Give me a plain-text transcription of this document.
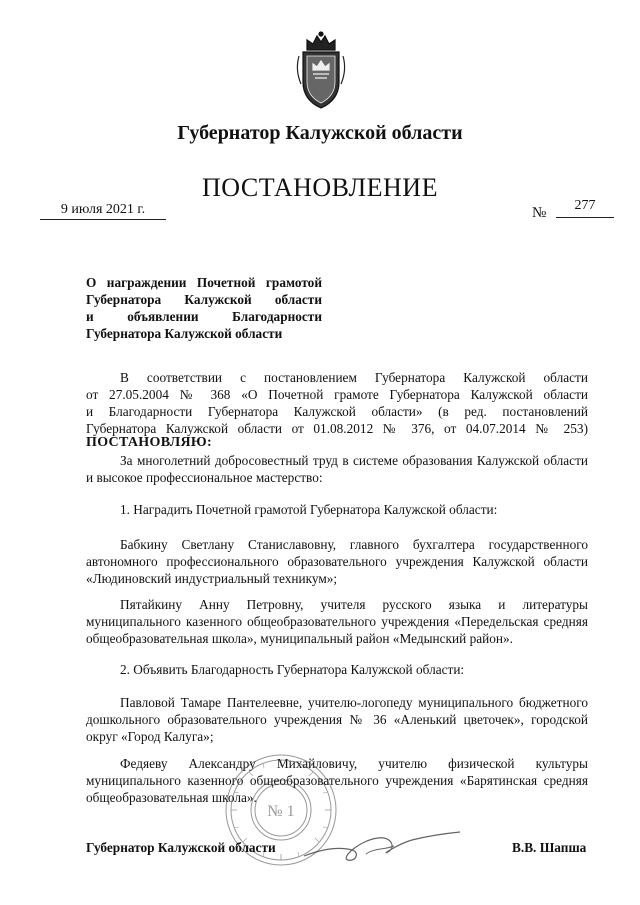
Губернатор Калужской области
ПОСТАНОВЛЕНИЕ
9 июля 2021 г.	№	277
О награждении Почетной грамотой
Губернатора Калужской области
и объявлении Благодарности
Губернатора Калужской области
В соответствии с постановлением Губернатора Калужской области
от 27.05.2004 № 368 «О Почетной грамоте Губернатора Калужской области
и Благодарности Губернатора Калужской области» (в ред. постановлений
Губернатора Калужской области от 01.08.2012 № 376, от 04.07.2014 № 253)
ПОСТАНОВЛЯЮ:
За многолетний добросовестный труд в системе образования Калужской области и высокое профессиональное мастерство:
1. Наградить Почетной грамотой Губернатора Калужской области:
Бабкину Светлану Станиславовну, главного бухгалтера государственного автономного профессионального образовательного учреждения Калужской области «Людиновский индустриальный техникум»;
Пятайкину Анну Петровну, учителя русского языка и литературы муниципального казенного общеобразовательного учреждения «Передельская средняя общеобразовательная школа», муниципальный район «Медынский район».
2. Объявить Благодарность Губернатора Калужской области:
Павловой Тамаре Пантелеевне, учителю-логопеду муниципального бюджетного дошкольного образовательного учреждения № 36 «Аленький цветочек», городской округ «Город Калуга»;
Федяеву Александру Михайловичу, учителю физической культуры муниципального казенного общеобразовательного учреждения «Барятинская средняя общеобразовательная школа».
№ 1
Губернатор Калужской области	В.В. Шапша
